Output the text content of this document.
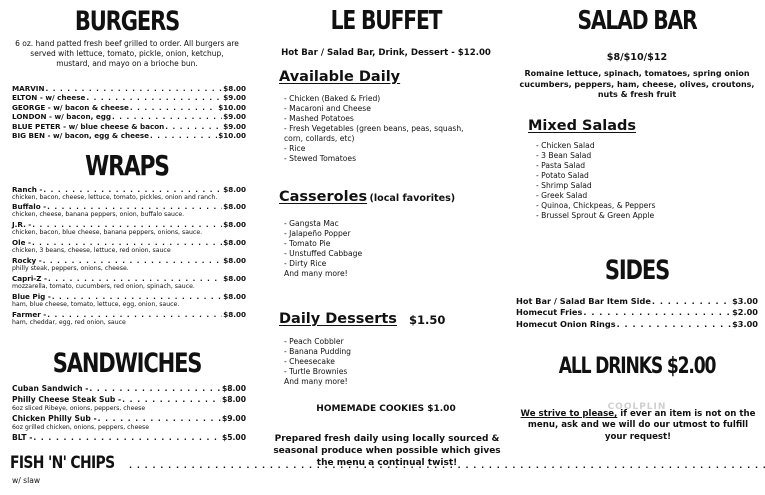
BURGERS
6 oz. hand patted fresh beef grilled to order. All burgers are served with lettuce, tomato, pickle, onion, ketchup, mustard, and mayo on a brioche bun.
MARVIN . . .	$8.00
ELTON - w/ cheese . . .	$9.00
GEORGE - w/ bacon & cheese . . .	$10.00
LONDON - w/ bacon, egg . . .	$9.00
BLUE PETER - w/ blue cheese & bacon . . .	$9.00
BIG BEN - w/ bacon, egg & cheese . . .	$10.00
WRAPS
Ranch - . . .	$8.00
chicken, bacon, cheese, lettuce, tomato, pickles, onion and ranch.
Buffalo - . . .	$8.00
chicken, cheese, banana peppers, onion, buffalo sauce.
J.R. - . . .	$8.00
chicken, bacon, blue cheese, banana peppers, onions, sauce.
Ole - . . .	$8.00
chicken, 3 beans, cheese, lettuce, red onion, sauce
Rocky - . . .	$8.00
philly steak, peppers, onions, cheese.
Capri-Z - . . .	$8.00
mozzarella, tomato, cucumbers, red onion, spinach, sauce.
Blue Pig - . . .	$8.00
ham, blue cheese, tomato, lettuce, egg, onion, sauce.
Farmer - . . .	$8.00
ham, cheddar, egg, red onion, sauce
SANDWICHES
Cuban Sandwich - . . .	$8.00
Philly Cheese Steak Sub - . . .	$8.00
6oz sliced Ribeye, onions, peppers, cheese
Chicken Philly Sub - . . .	$9.00
6oz grilled chicken, onions, peppers, cheese
BLT - . . .	$5.00
FISH 'N' CHIPS
. . .
w/ slaw
LE BUFFET
Hot Bar / Salad Bar, Drink, Dessert - $12.00
Available Daily
- Chicken (Baked & Fried)
- Macaroni and Cheese
- Mashed Potatoes
- Fresh Vegetables (green beans, peas, squash,
corn, collards, etc)
- Rice
- Stewed Tomatoes
Casseroles (local favorites)
- Gangsta Mac
- Jalapeño Popper
- Tomato Pie
- Unstuffed Cabbage
- Dirty Rice
And many more!
Daily Desserts $1.50
- Peach Cobbler
- Banana Pudding
- Cheesecake
- Turtle Brownies
And many more!
HOMEMADE COOKIES $1.00
Prepared fresh daily using locally sourced & seasonal produce when possible which gives the menu a continual twist!
SALAD BAR
$8/$10/$12
Romaine lettuce, spinach, tomatoes, spring onion cucumbers, peppers, ham, cheese, olives, croutons, nuts & fresh fruit
Mixed Salads
- Chicken Salad
- 3 Bean Salad
- Pasta Salad
- Potato Salad
- Shrimp Salad
- Greek Salad
- Quinoa, Chickpeas, & Peppers
- Brussel Sprout & Green Apple
SIDES
Hot Bar / Salad Bar Item Side . . .	$3.00
Homecut Fries . . .	$2.00
Homecut Onion Rings . . .	$3.00
ALL DRINKS $2.00
COOLPLIN
We strive to please, if ever an item is not on the menu, ask and we will do our utmost to fulfill your request!
